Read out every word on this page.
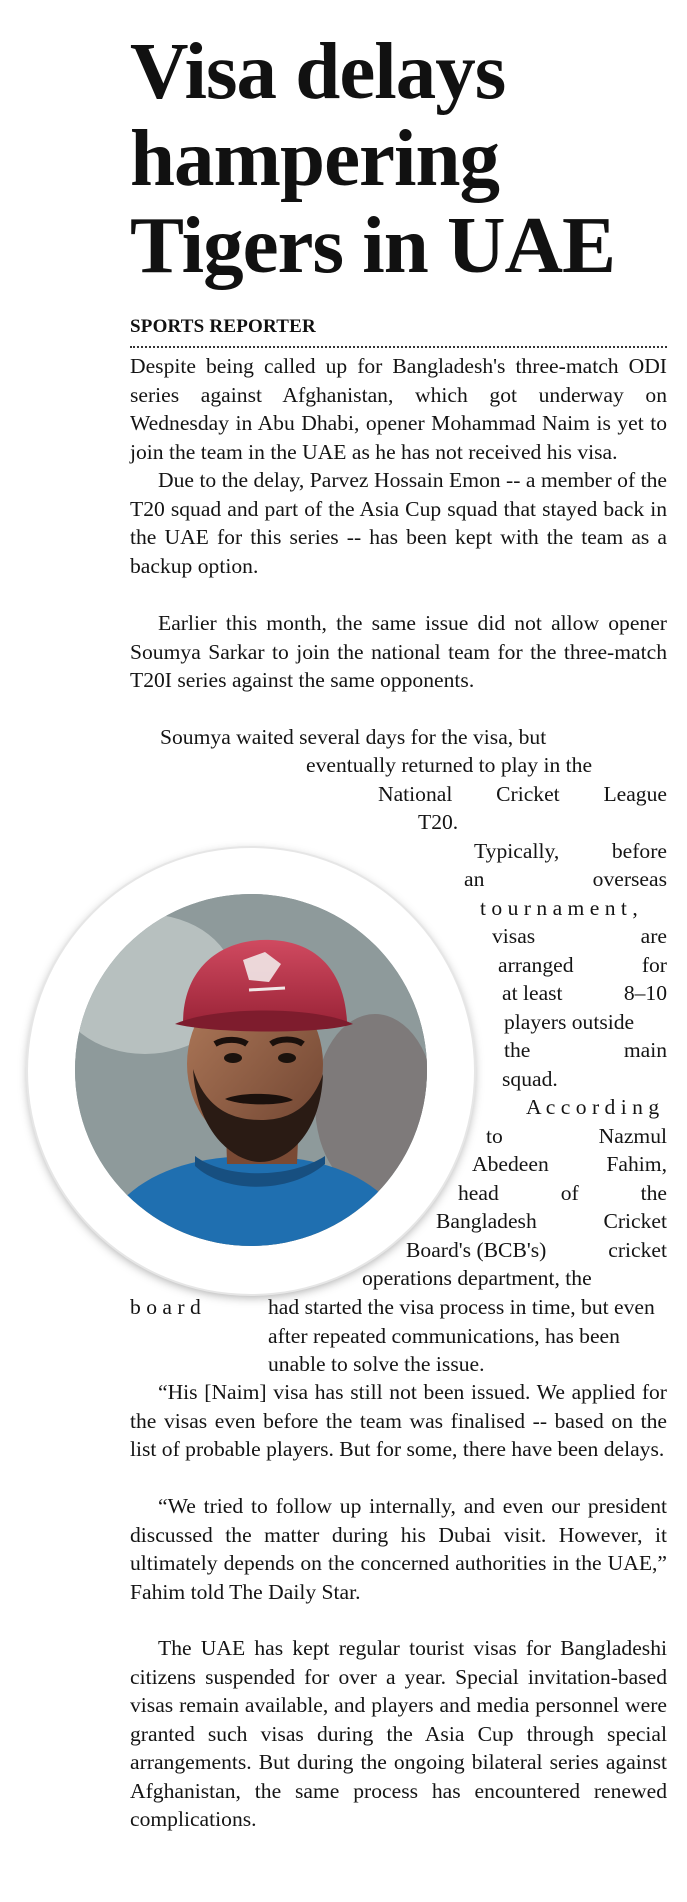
Visa delays
hampering
Tigers in UAE
SPORTS REPORTER

Despite being called up for Bangladesh's three-match ODI series against Afghanistan, which got underway on Wednesday in Abu Dhabi, opener Mohammad Naim is yet to join the team in the UAE as he has not received his visa.

Due to the delay, Parvez Hossain Emon -- a member of the T20 squad and part of the Asia Cup squad that stayed back in the UAE for this series -- has been kept with the team as a backup option.

Earlier this month, the same issue did not allow opener Soumya Sarkar to join the national team for the three-match T20I series against the same opponents.

Soumya waited several days for the visa, but
eventually returned to play in the
National Cricket League
T20.
Typically, before
an	overseas
t o u r n a m e n t ,
visas	are
arranged	for
at least	8–10
players outside
the	main
squad.
A c c o r d i n g
to	Nazmul
Abedeen	Fahim,
head	of	the
Bangladesh	Cricket
Board's (BCB's)	cricket
operations department, the
b o a r d	had started the visa process in time, but even after repeated communications, has been unable to solve the issue.

“His [Naim] visa has still not been issued. We applied for the visas even before the team was finalised -- based on the list of probable players. But for some, there have been delays.

“We tried to follow up internally, and even our president discussed the matter during his Dubai visit. However, it ultimately depends on the concerned authorities in the UAE,” Fahim told The Daily Star.

The UAE has kept regular tourist visas for Bangladeshi citizens suspended for over a year. Special invitation-based visas remain available, and players and media personnel were granted such visas during the Asia Cup through special arrangements. But during the ongoing bilateral series against Afghanistan, the same process has encountered renewed complications.
